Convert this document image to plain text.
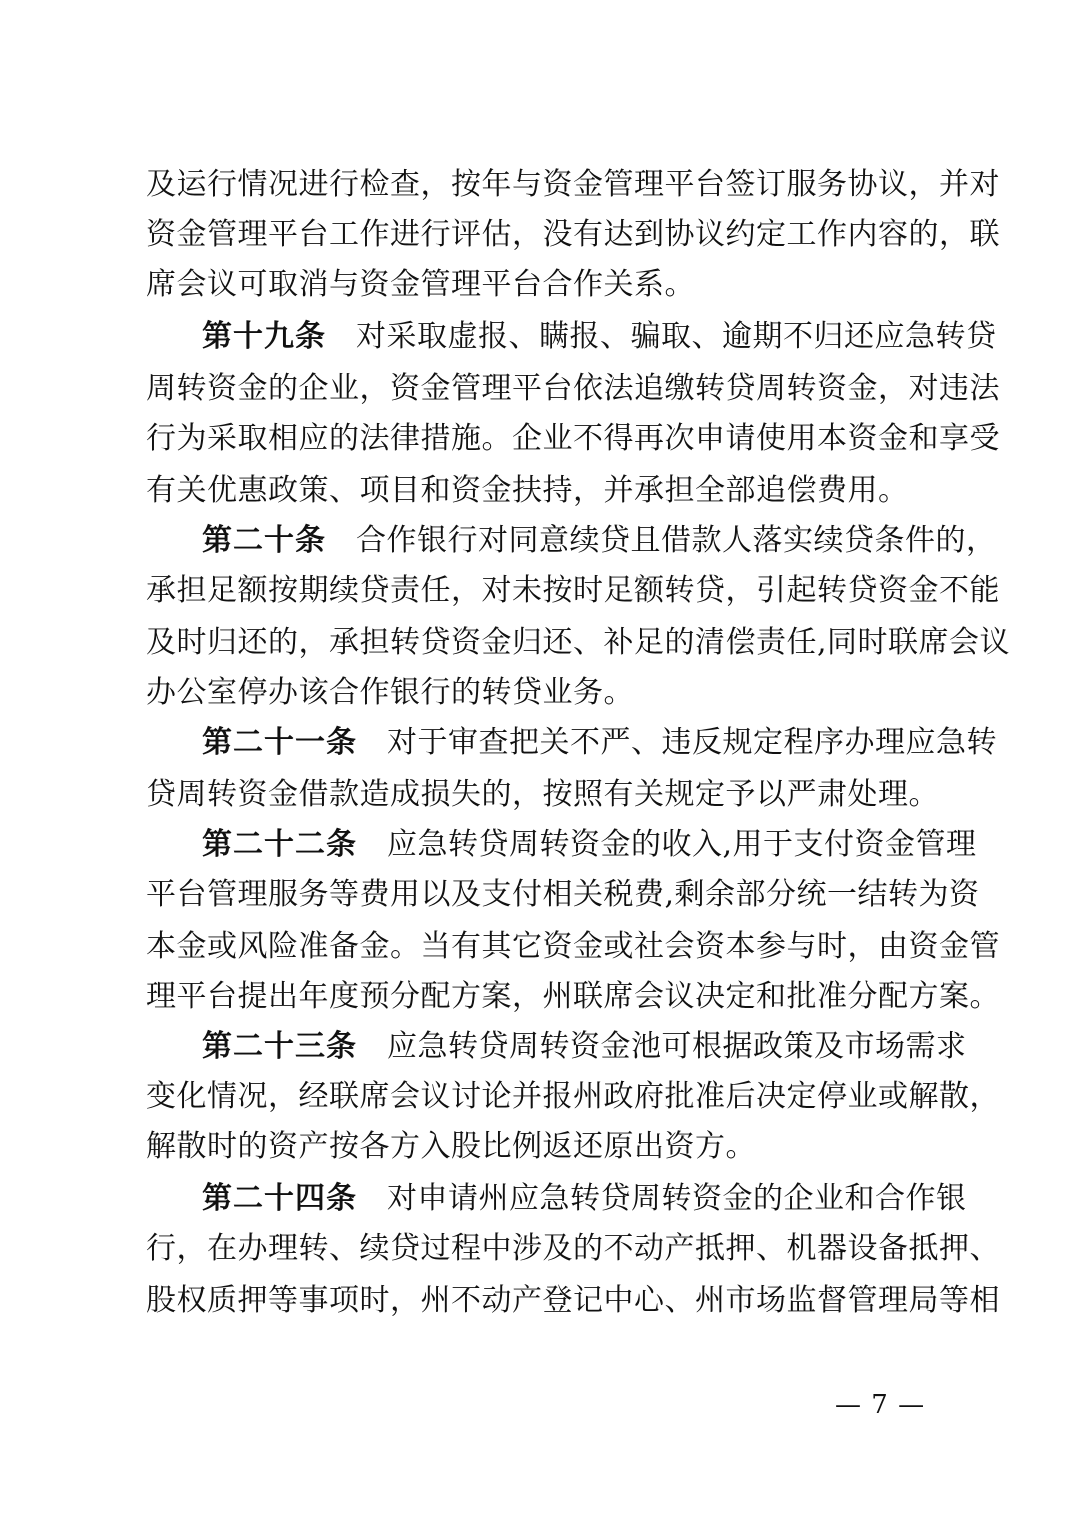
及运行情况进行检查，按年与资金管理平台签订服务协议，并对
资金管理平台工作进行评估，没有达到协议约定工作内容的，联
席会议可取消与资金管理平台合作关系。
第十九条 对采取虚报、瞒报、骗取、逾期不归还应急转贷
周转资金的企业，资金管理平台依法追缴转贷周转资金，对违法
行为采取相应的法律措施。企业不得再次申请使用本资金和享受
有关优惠政策、项目和资金扶持，并承担全部追偿费用。
第二十条 合作银行对同意续贷且借款人落实续贷条件的，
承担足额按期续贷责任，对未按时足额转贷，引起转贷资金不能
及时归还的，承担转贷资金归还、补足的清偿责任,同时联席会议
办公室停办该合作银行的转贷业务。
第二十一条 对于审查把关不严、违反规定程序办理应急转
贷周转资金借款造成损失的，按照有关规定予以严肃处理。
第二十二条 应急转贷周转资金的收入,用于支付资金管理
平台管理服务等费用以及支付相关税费,剩余部分统一结转为资
本金或风险准备金。当有其它资金或社会资本参与时，由资金管
理平台提出年度预分配方案，州联席会议决定和批准分配方案。
第二十三条 应急转贷周转资金池可根据政策及市场需求
变化情况，经联席会议讨论并报州政府批准后决定停业或解散，
解散时的资产按各方入股比例返还原出资方。
第二十四条 对申请州应急转贷周转资金的企业和合作银
行，在办理转、续贷过程中涉及的不动产抵押、机器设备抵押、
股权质押等事项时，州不动产登记中心、州市场监督管理局等相
— 7 —
